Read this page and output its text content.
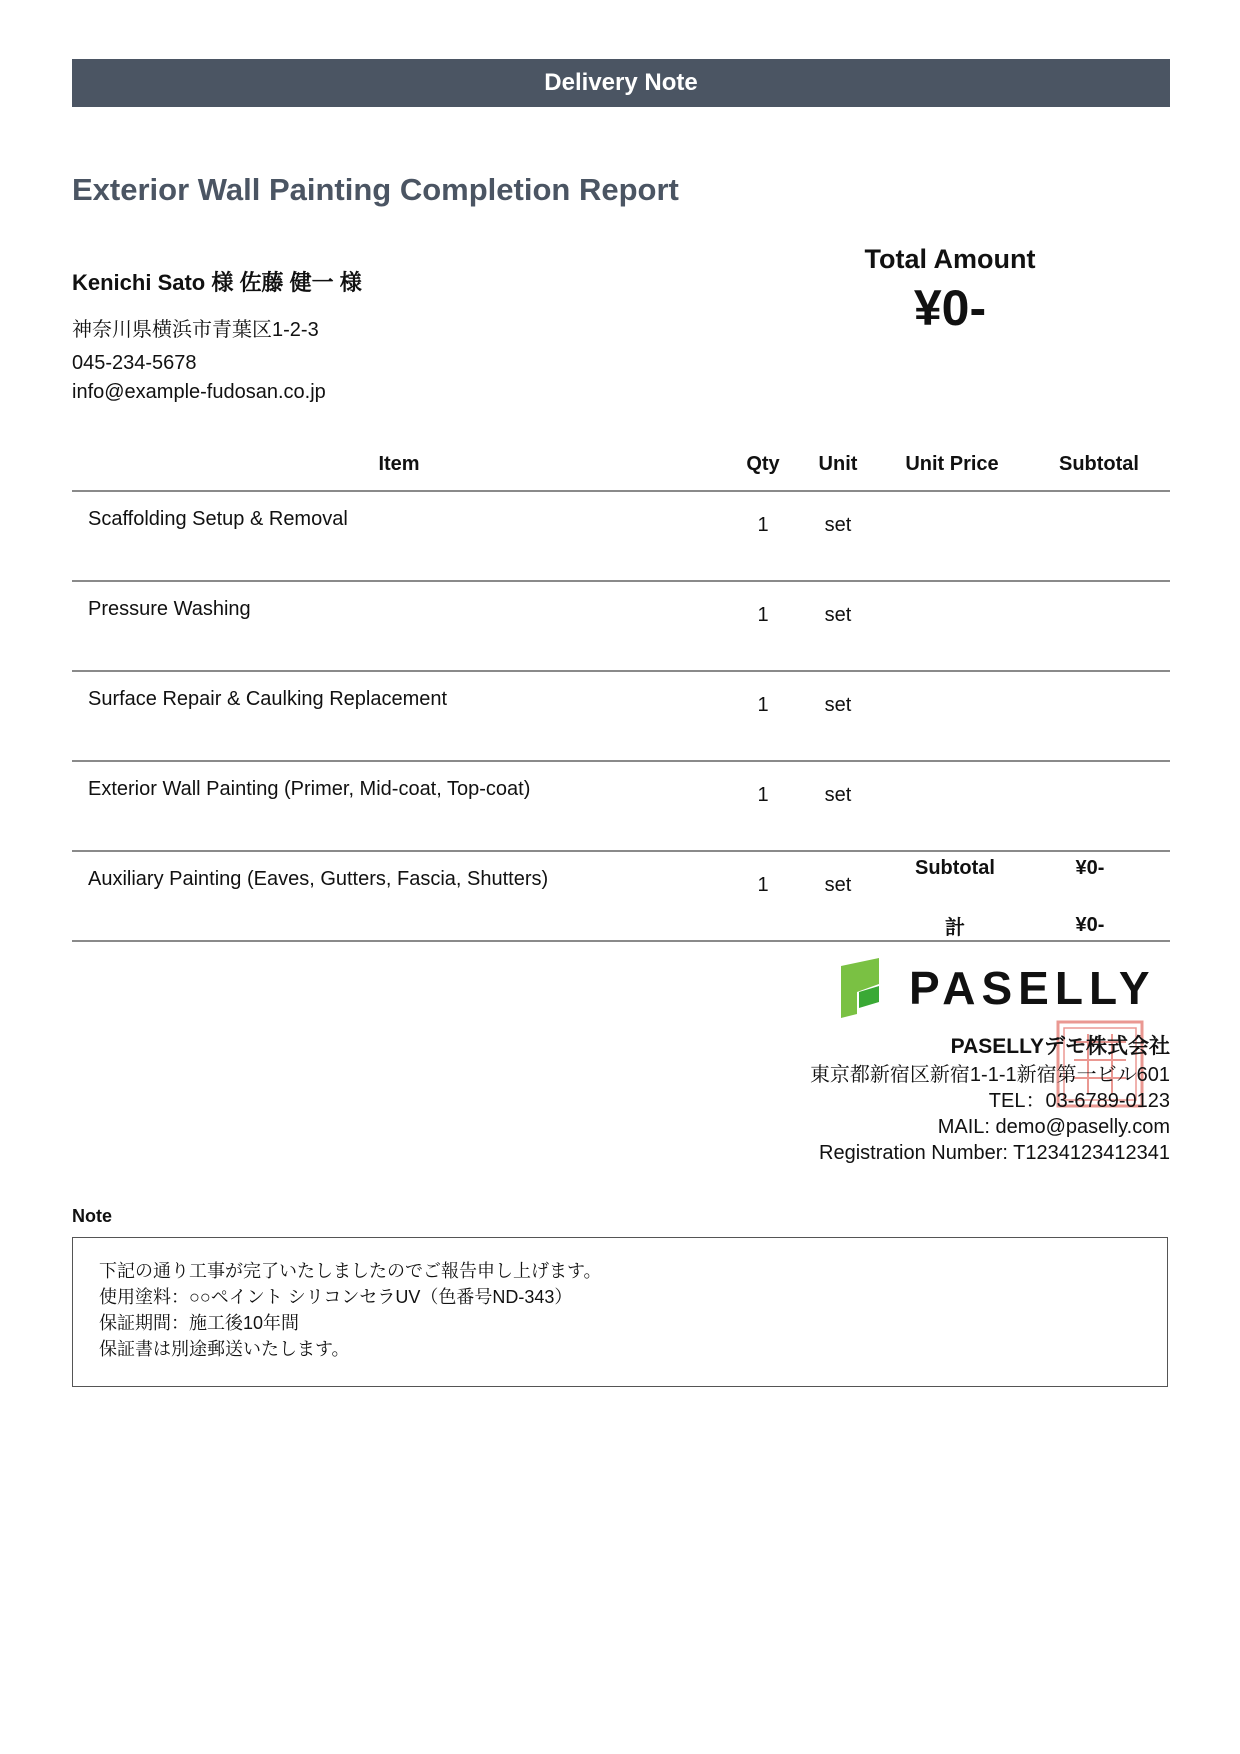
Delivery Note
Exterior Wall Painting Completion Report
Kenichi Sato 様 佐藤 健一 様
神奈川県横浜市青葉区1-2-3
045-234-5678
info@example-fudosan.co.jp
Total Amount
¥0-
Item	Qty	Unit	Unit Price	Subtotal
Scaffolding Setup & Removal	1	set		
Pressure Washing	1	set		
Surface Repair & Caulking Replacement	1	set		
Exterior Wall Painting (Primer, Mid-coat, Top-coat)	1	set		
Auxiliary Painting (Eaves, Gutters, Fascia, Shutters)	1	set		
Subtotal	¥0-
計	¥0-
PASELLY
PASELLYデモ株式会社
東京都新宿区新宿1-1-1新宿第一ビル601
TEL：03-6789-0123
MAIL: demo@paselly.com
Registration Number: T1234123412341
Note
下記の通り工事が完了いたしましたのでご報告申し上げます。
使用塗料：○○ペイント シリコンセラUV（色番号ND-343）
保証期間：施工後10年間
保証書は別途郵送いたします。
